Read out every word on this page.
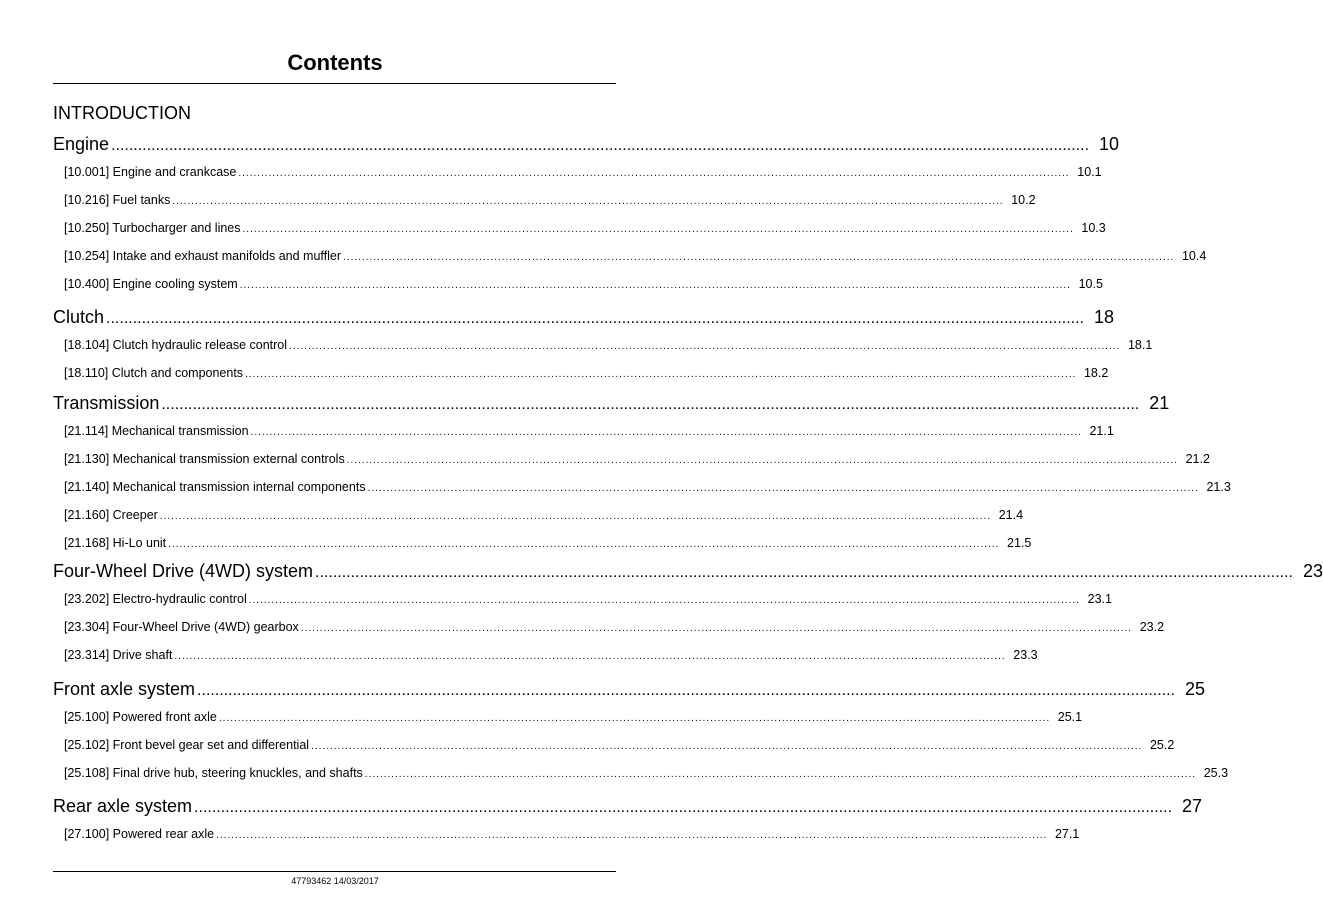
Contents
INTRODUCTION
Engine ............................................................................................................................................................................................................................ 10
[10.001] Engine and crankcase ............................................................................................................................................................................................................................ 10.1
[10.216] Fuel tanks ............................................................................................................................................................................................................................ 10.2
[10.250] Turbocharger and lines ............................................................................................................................................................................................................................ 10.3
[10.254] Intake and exhaust manifolds and muffler ............................................................................................................................................................................................................................ 10.4
[10.400] Engine cooling system ............................................................................................................................................................................................................................ 10.5
Clutch ............................................................................................................................................................................................................................ 18
[18.104] Clutch hydraulic release control ............................................................................................................................................................................................................................ 18.1
[18.110] Clutch and components ............................................................................................................................................................................................................................ 18.2
Transmission ............................................................................................................................................................................................................................ 21
[21.114] Mechanical transmission ............................................................................................................................................................................................................................ 21.1
[21.130] Mechanical transmission external controls ............................................................................................................................................................................................................................ 21.2
[21.140] Mechanical transmission internal components ............................................................................................................................................................................................................................ 21.3
[21.160] Creeper ............................................................................................................................................................................................................................ 21.4
[21.168] Hi-Lo unit ............................................................................................................................................................................................................................ 21.5
Four-Wheel Drive (4WD) system ............................................................................................................................................................................................................................ 23
[23.202] Electro-hydraulic control ............................................................................................................................................................................................................................ 23.1
[23.304] Four-Wheel Drive (4WD) gearbox ............................................................................................................................................................................................................................ 23.2
[23.314] Drive shaft ............................................................................................................................................................................................................................ 23.3
Front axle system ............................................................................................................................................................................................................................ 25
[25.100] Powered front axle ............................................................................................................................................................................................................................ 25.1
[25.102] Front bevel gear set and differential ............................................................................................................................................................................................................................ 25.2
[25.108] Final drive hub, steering knuckles, and shafts ............................................................................................................................................................................................................................ 25.3
Rear axle system ............................................................................................................................................................................................................................ 27
[27.100] Powered rear axle ............................................................................................................................................................................................................................ 27.1
47793462 14/03/2017
